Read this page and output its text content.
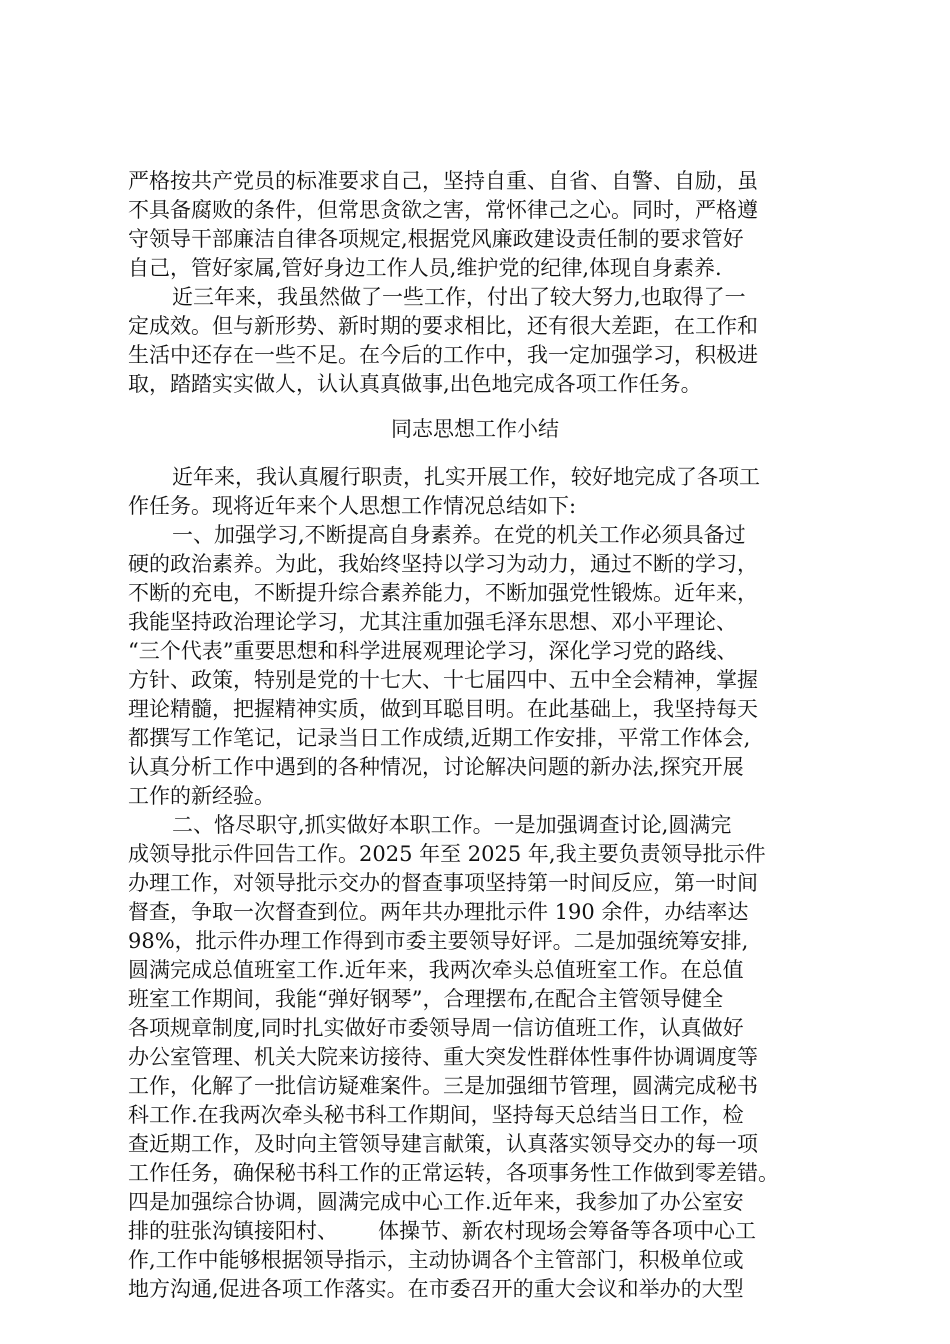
严格按共产党员的标准要求自己，坚持自重、自省、自警、自励，虽
不具备腐败的条件，但常思贪欲之害，常怀律己之心。同时，严格遵
守领导干部廉洁自律各项规定,根据党风廉政建设责任制的要求管好
自己，管好家属,管好身边工作人员,维护党的纪律,体现自身素养.
近三年来，我虽然做了一些工作，付出了较大努力,也取得了一
定成效。但与新形势、新时期的要求相比，还有很大差距，在工作和
生活中还存在一些不足。在今后的工作中，我一定加强学习，积极进
取，踏踏实实做人，认认真真做事,出色地完成各项工作任务。
同志思想工作小结
近年来，我认真履行职责，扎实开展工作，较好地完成了各项工
作任务。现将近年来个人思想工作情况总结如下:
一、加强学习,不断提高自身素养。在党的机关工作必须具备过
硬的政治素养。为此，我始终坚持以学习为动力，通过不断的学习，
不断的充电，不断提升综合素养能力，不断加强党性锻炼。近年来，
我能坚持政治理论学习，尤其注重加强毛泽东思想、邓小平理论、
“三个代表”重要思想和科学进展观理论学习，深化学习党的路线、
方针、政策，特别是党的十七大、十七届四中、五中全会精神，掌握
理论精髓，把握精神实质，做到耳聪目明。在此基础上，我坚持每天
都撰写工作笔记，记录当日工作成绩,近期工作安排，平常工作体会,
认真分析工作中遇到的各种情况，讨论解决问题的新办法,探究开展
工作的新经验。
二、恪尽职守,抓实做好本职工作。一是加强调查讨论,圆满完
成领导批示件回告工作。2025 年至 2025 年,我主要负责领导批示件
办理工作，对领导批示交办的督查事项坚持第一时间反应，第一时间
督查，争取一次督查到位。两年共办理批示件 190 余件，办结率达
98%，批示件办理工作得到市委主要领导好评。二是加强统筹安排,
圆满完成总值班室工作.近年来，我两次牵头总值班室工作。在总值
班室工作期间，我能“弹好钢琴”，合理摆布,在配合主管领导健全
各项规章制度,同时扎实做好市委领导周一信访值班工作，认真做好
办公室管理、机关大院来访接待、重大突发性群体性事件协调调度等
工作，化解了一批信访疑难案件。三是加强细节管理，圆满完成秘书
科工作.在我两次牵头秘书科工作期间，坚持每天总结当日工作，检
查近期工作，及时向主管领导建言献策，认真落实领导交办的每一项
工作任务，确保秘书科工作的正常运转，各项事务性工作做到零差错。
四是加强综合协调，圆满完成中心工作.近年来，我参加了办公室安
排的驻张沟镇接阳村、      体操节、新农村现场会筹备等各项中心工
作,工作中能够根据领导指示，主动协调各个主管部门，积极单位或
地方沟通,促进各项工作落实。在市委召开的重大会议和举办的大型
